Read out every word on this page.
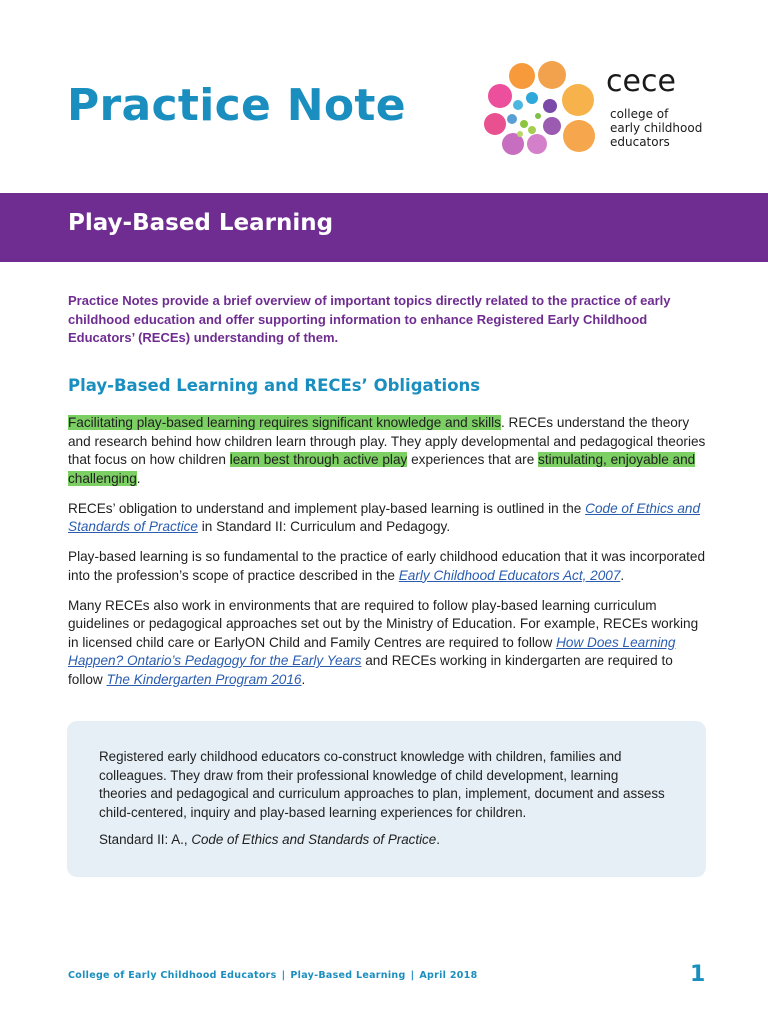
Practice Note	cece
college of
early childhood
educators
Play-Based Learning

Practice Notes provide a brief overview of important topics directly related to the practice of early childhood education and offer supporting information to enhance Registered Early Childhood Educators’ (RECEs) understanding of them.

Play-Based Learning and RECEs’ Obligations

Facilitating play-based learning requires significant knowledge and skills. RECEs understand the theory and research behind how children learn through play. They apply developmental and pedagogical theories that focus on how children learn best through active play experiences that are stimulating, enjoyable and challenging.

RECEs’ obligation to understand and implement play-based learning is outlined in the Code of Ethics and Standards of Practice in Standard II: Curriculum and Pedagogy.

Play-based learning is so fundamental to the practice of early childhood education that it was incorporated into the profession’s scope of practice described in the Early Childhood Educators Act, 2007.

Many RECEs also work in environments that are required to follow play-based learning curriculum guidelines or pedagogical approaches set out by the Ministry of Education. For example, RECEs working in licensed child care or EarlyON Child and Family Centres are required to follow How Does Learning Happen? Ontario’s Pedagogy for the Early Years and RECEs working in kindergarten are required to follow The Kindergarten Program 2016.

Registered early childhood educators co-construct knowledge with children, families and colleagues. They draw from their professional knowledge of child development, learning theories and pedagogical and curriculum approaches to plan, implement, document and assess child-centered, inquiry and play-based learning experiences for children.

Standard II: A., Code of Ethics and Standards of Practice.

College of Early Childhood Educators | Play-Based Learning | April 2018	1
